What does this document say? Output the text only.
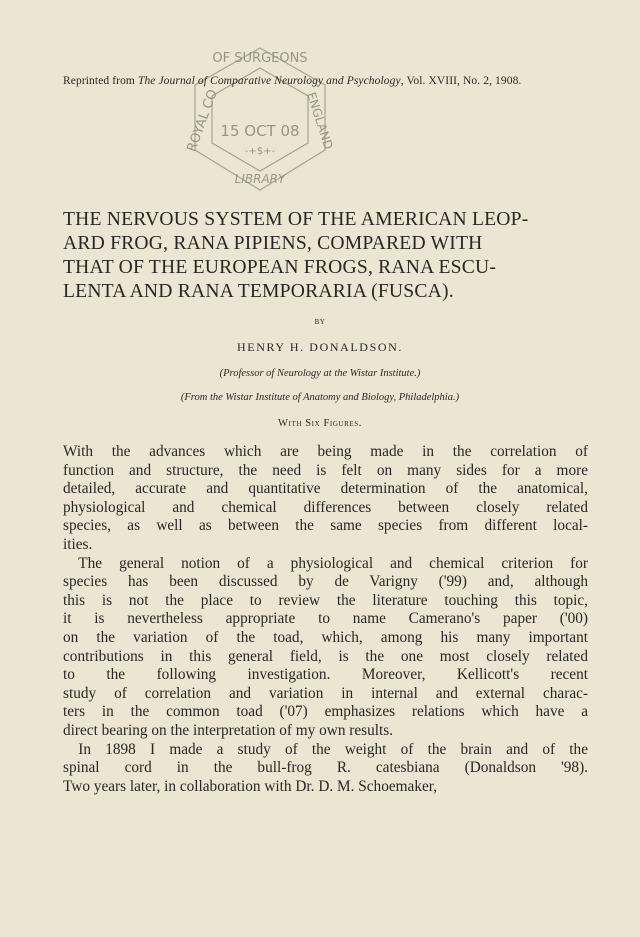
OF SURGEONS
ROYAL CO	ENGLAND
15 OCT 08
-+$+-
LIBRARY
Reprinted from The Journal of Comparative Neurology and Psychology, Vol. XVIII, No. 2, 1908.
THE NERVOUS SYSTEM OF THE AMERICAN LEOP-
ARD FROG, RANA PIPIENS, COMPARED WITH
THAT OF THE EUROPEAN FROGS, RANA ESCU-
LENTA AND RANA TEMPORARIA (FUSCA).
BY
HENRY H. DONALDSON.
(Professor of Neurology at the Wistar Institute.)
(From the Wistar Institute of Anatomy and Biology, Philadelphia.)
With Six Figures.
With the advances which are being made in the correlation of
function and structure, the need is felt on many sides for a more
detailed, accurate and quantitative determination of the anatomical,
physiological and chemical differences between closely related
species, as well as between the same species from different local-
ities.
 The general notion of a physiological and chemical criterion for
species has been discussed by de Varigny ('99) and, although
this is not the place to review the literature touching this topic,
it is nevertheless appropriate to name Camerano's paper ('00)
on the variation of the toad, which, among his many important
contributions in this general field, is the one most closely related
to the following investigation. Moreover, Kellicott's recent
study of correlation and variation in internal and external charac-
ters in the common toad ('07) emphasizes relations which have a
direct bearing on the interpretation of my own results.
 In 1898 I made a study of the weight of the brain and of the
spinal cord in the bull-frog R. catesbiana (Donaldson '98).
Two years later, in collaboration with Dr. D. M. Schoemaker,
